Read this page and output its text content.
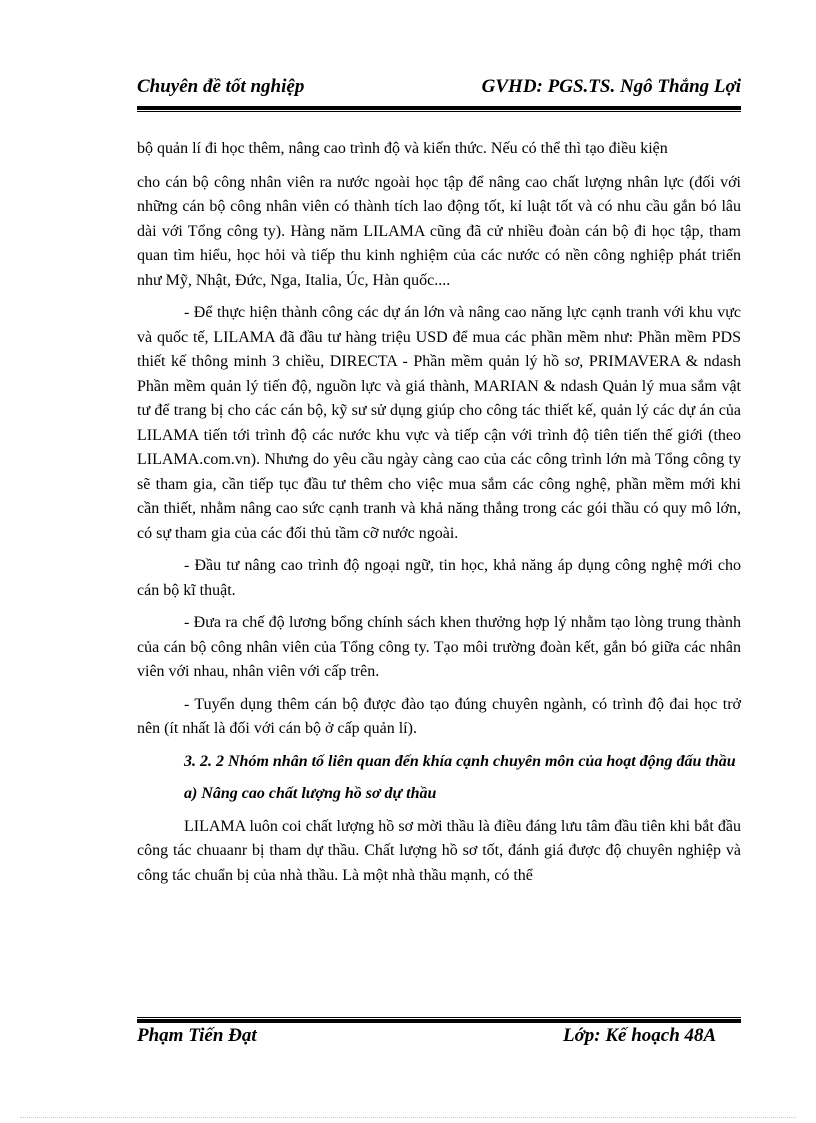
Chuyên đề tốt nghiệp	GVHD: PGS.TS. Ngô Thắng Lợi

bộ quản lí đi học thêm, nâng cao trình độ và kiến thức. Nếu có thể thì tạo điều kiện

cho cán bộ công nhân viên ra nước ngoài học tập để nâng cao chất lượng nhân lực (đối với những cán bộ công nhân viên có thành tích lao động tốt, kỉ luật tốt và có nhu cầu gắn bó lâu dài với Tổng công ty). Hàng năm LILAMA cũng đã cử nhiều đoàn cán bộ đi học tập, tham quan tìm hiểu, học hỏi và tiếp thu kinh nghiệm của các nước có nền công nghiệp phát triển như Mỹ, Nhật, Đức, Nga, Italia, Úc, Hàn quốc....

- Để thực hiện thành công các dự án lớn và nâng cao năng lực cạnh tranh với khu vực và quốc tế, LILAMA đã đầu tư hàng triệu USD để mua các phần mềm như: Phần mềm PDS thiết kế thông minh 3 chiều, DIRECTA - Phần mềm quản lý hồ sơ, PRIMAVERA & ndash Phần mềm quản lý tiến độ, nguồn lực và giá thành, MARIAN & ndash Quản lý mua sắm vật tư để trang bị cho các cán bộ, kỹ sư sử dụng giúp cho công tác thiết kế, quản lý các dự án của LILAMA tiến tới trình độ các nước khu vực và tiếp cận với trình độ tiên tiến thế giới (theo LILAMA.com.vn). Nhưng do yêu cầu ngày càng cao của các công trình lớn mà Tổng công ty sẽ tham gia, cần tiếp tục đầu tư thêm cho việc mua sắm các công nghệ, phần mềm mới khi cần thiết, nhằm nâng cao sức cạnh tranh và khả năng thắng trong các gói thầu có quy mô lớn, có sự tham gia của các đối thủ tầm cỡ nước ngoài.

- Đầu tư nâng cao trình độ ngoại ngữ, tin học, khả năng áp dụng công nghệ mới cho cán bộ kĩ thuật.

- Đưa ra chế độ lương bổng chính sách khen thưởng hợp lý nhằm tạo lòng trung thành của cán bộ công nhân viên của Tổng công ty. Tạo môi trường đoàn kết, gắn bó giữa các nhân viên với nhau, nhân viên với cấp trên.

- Tuyển dụng thêm cán bộ được đào tạo đúng chuyên ngành, có trình độ đai học trở nên (ít nhất là đối với cán bộ ở cấp quản lí).

3. 2. 2 Nhóm nhân tố liên quan đến khía cạnh chuyên môn của hoạt động đấu thầu

a) Nâng cao chất lượng hồ sơ dự thầu

LILAMA luôn coi chất lượng hồ sơ mời thầu là điều đáng lưu tâm đầu tiên khi bắt đầu công tác chuaanr bị tham dự thầu. Chất lượng hồ sơ tốt, đánh giá được độ chuyên nghiệp và công tác chuẩn bị của nhà thầu. Là một nhà thầu mạnh, có thể

Phạm Tiến Đạt	Lớp: Kế hoạch 48A
